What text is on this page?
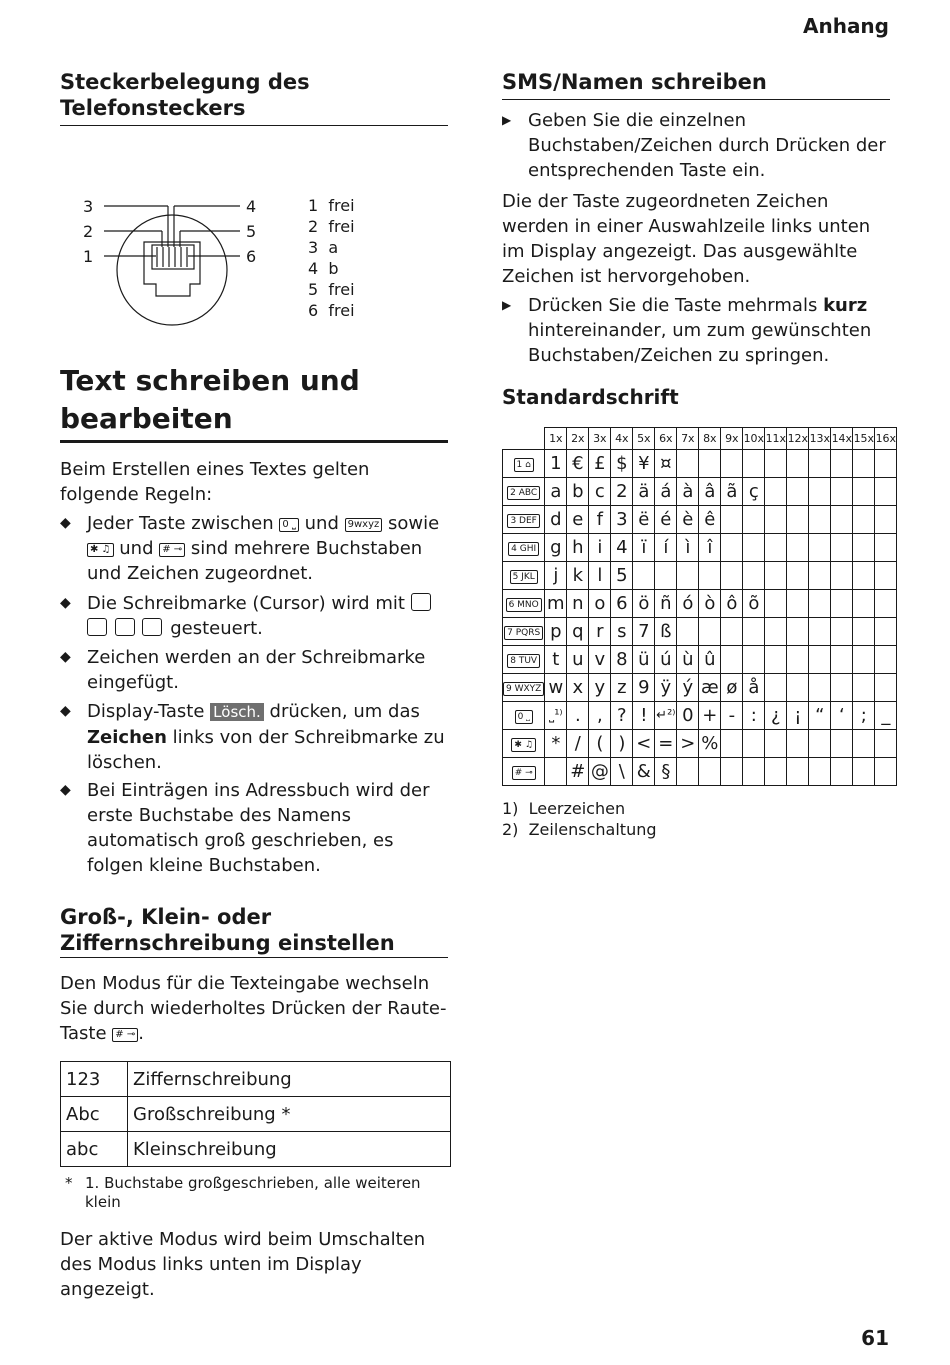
Anhang
Steckerbelegung des
Telefonsteckers
3
2
1
4
5
6
1 frei
2 frei
3 a
4 b
5 frei
6 frei
Text schreiben und
bearbeiten
Beim Erstellen eines Textes gelten folgende Regeln:
◆ Jeder Taste zwischen 0 ⎵ und 9wxyz sowie ✱ ♫ und # ⊸ sind mehrere Buchstaben und Zeichen zugeordnet.
◆ Die Schreibmarke (Cursor) wird mit     gesteuert.
◆ Zeichen werden an der Schreibmarke eingefügt.
◆ Display-Taste Lösch. drücken, um das Zeichen links von der Schreibmarke zu löschen.
◆ Bei Einträgen ins Adressbuch wird der erste Buchstabe des Namens automatisch groß geschrieben, es folgen kleine Buchstaben.
Groß-, Klein- oder
Ziffernschreibung einstellen
Den Modus für die Texteingabe wechseln Sie durch wiederholtes Drücken der Raute-Taste # ⊸ .
123	Ziffernschreibung
Abc	Großschreibung *
abc	Kleinschreibung
* 1. Buchstabe großgeschrieben, alle weiteren klein
Der aktive Modus wird beim Umschalten des Modus links unten im Display angezeigt.
SMS/Namen schreiben
▶ Geben Sie die einzelnen Buchstaben/Zeichen durch Drücken der entsprechenden Taste ein.
Die der Taste zugeordneten Zeichen werden in einer Auswahlzeile links unten im Display angezeigt. Das ausgewählte Zeichen ist hervorgehoben.
▶ Drücken Sie die Taste mehrmals kurz hintereinander, um zum gewünschten Buchstaben/Zeichen zu springen.
Standardschrift
	1x	2x	3x	4x	5x	6x	7x	8x	9x	10x	11x	12x	13x	14x	15x	16x
1 ⌂	1	€	£	$	¥	¤										
2 ABC	a	b	c	2	ä	á	à	â	ã	ç						
3 DEF	d	e	f	3	ë	é	è	ê								
4 GHI	g	h	i	4	ï	í	ì	î								
5 JKL	j	k	l	5												
6 MNO	m	n	o	6	ö	ñ	ó	ò	ô	õ						
7 PQRS	p	q	r	s	7	ß										
8 TUV	t	u	v	8	ü	ú	ù	û								
9 WXYZ	w	x	y	z	9	ÿ	ý	æ	ø	å						
0 ⎵	⎵¹⁾	.	,	?	!	↵²⁾	0	+	-	:	¿	¡	“	‘	;	_
✱ ♫	*	/	(	)	<	=	>	%								
# ⊸		#	@	\	&	§										
1) Leerzeichen
2) Zeilenschaltung
61
